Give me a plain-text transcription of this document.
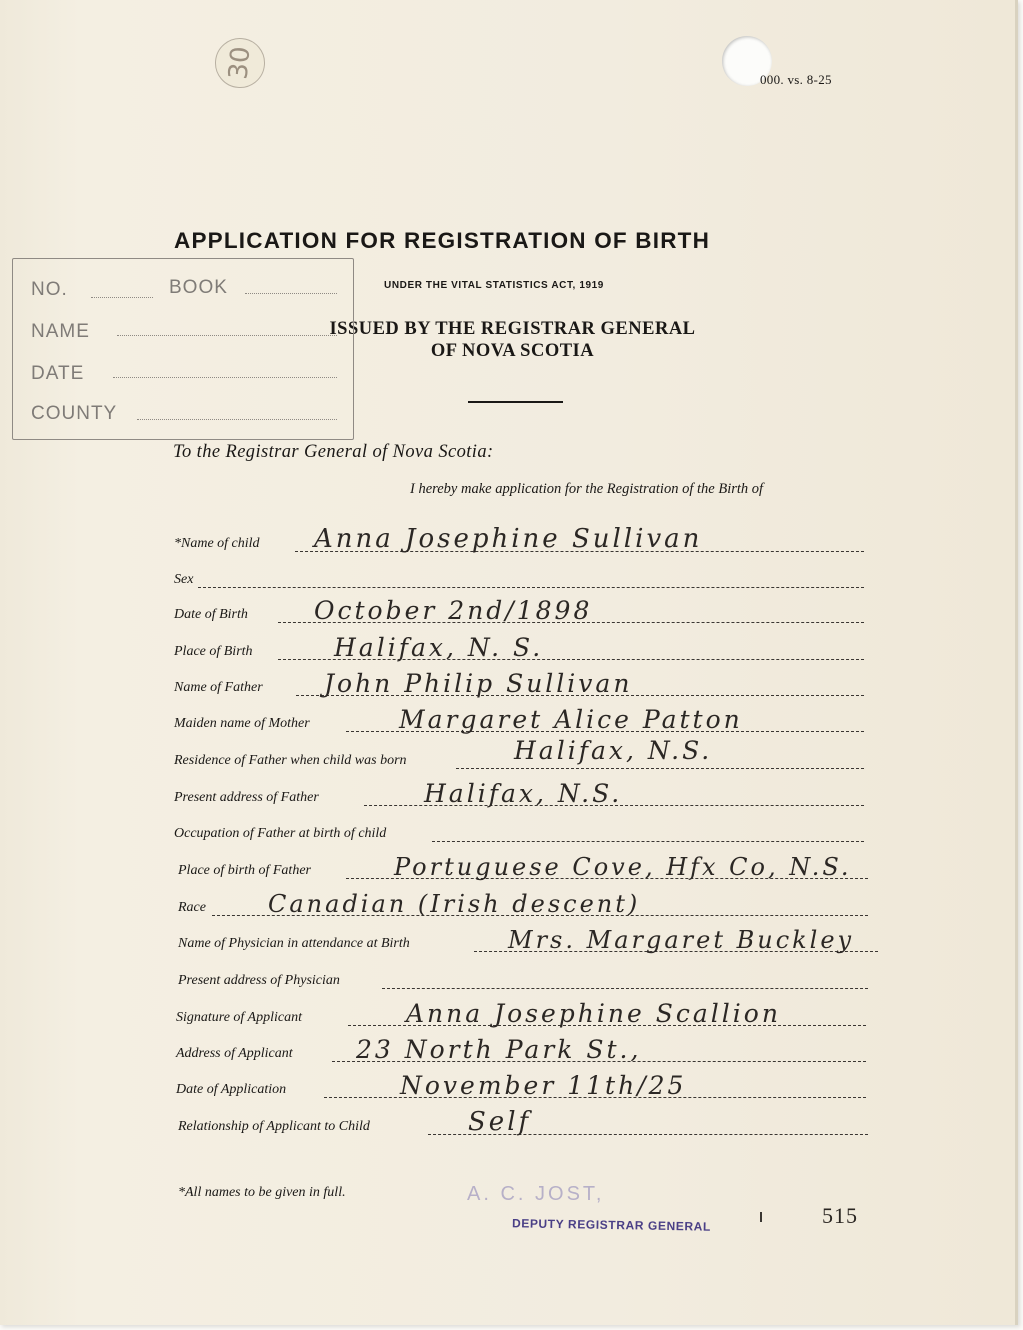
30	000. vs. 8-25
APPLICATION FOR REGISTRATION OF BIRTH
UNDER THE VITAL STATISTICS ACT, 1919
ISSUED BY THE REGISTRAR GENERAL
OF NOVA SCOTIA
NO.	BOOK
NAME
DATE
COUNTY
To the Registrar General of Nova Scotia:
I hereby make application for the Registration of the Birth of
*Name of child Anna Josephine Sullivan
Sex
Date of Birth	October 2nd/1898
Place of Birth	Halifax, N. S.
Name of Father John Philip Sullivan
Maiden name of Mother	Margaret Alice Patton
Residence of Father when child was born	Halifax, N.S.
Present address of Father	Halifax, N.S.
Occupation of Father at birth of child
Place of birth of Father	Portuguese Cove, Hfx Co, N.S.
Race	Canadian (Irish descent)
Name of Physician in attendance at Birth	Mrs. Margaret Buckley
Present address of Physician
Signature of Applicant	Anna Josephine Scallion
Address of Applicant	23 North Park St.,
Date of Application	November 11th/25
Relationship of Applicant to Child	Self
*All names to be given in full.	A. C. JOST,
DEPUTY REGISTRAR GENERAL	515
